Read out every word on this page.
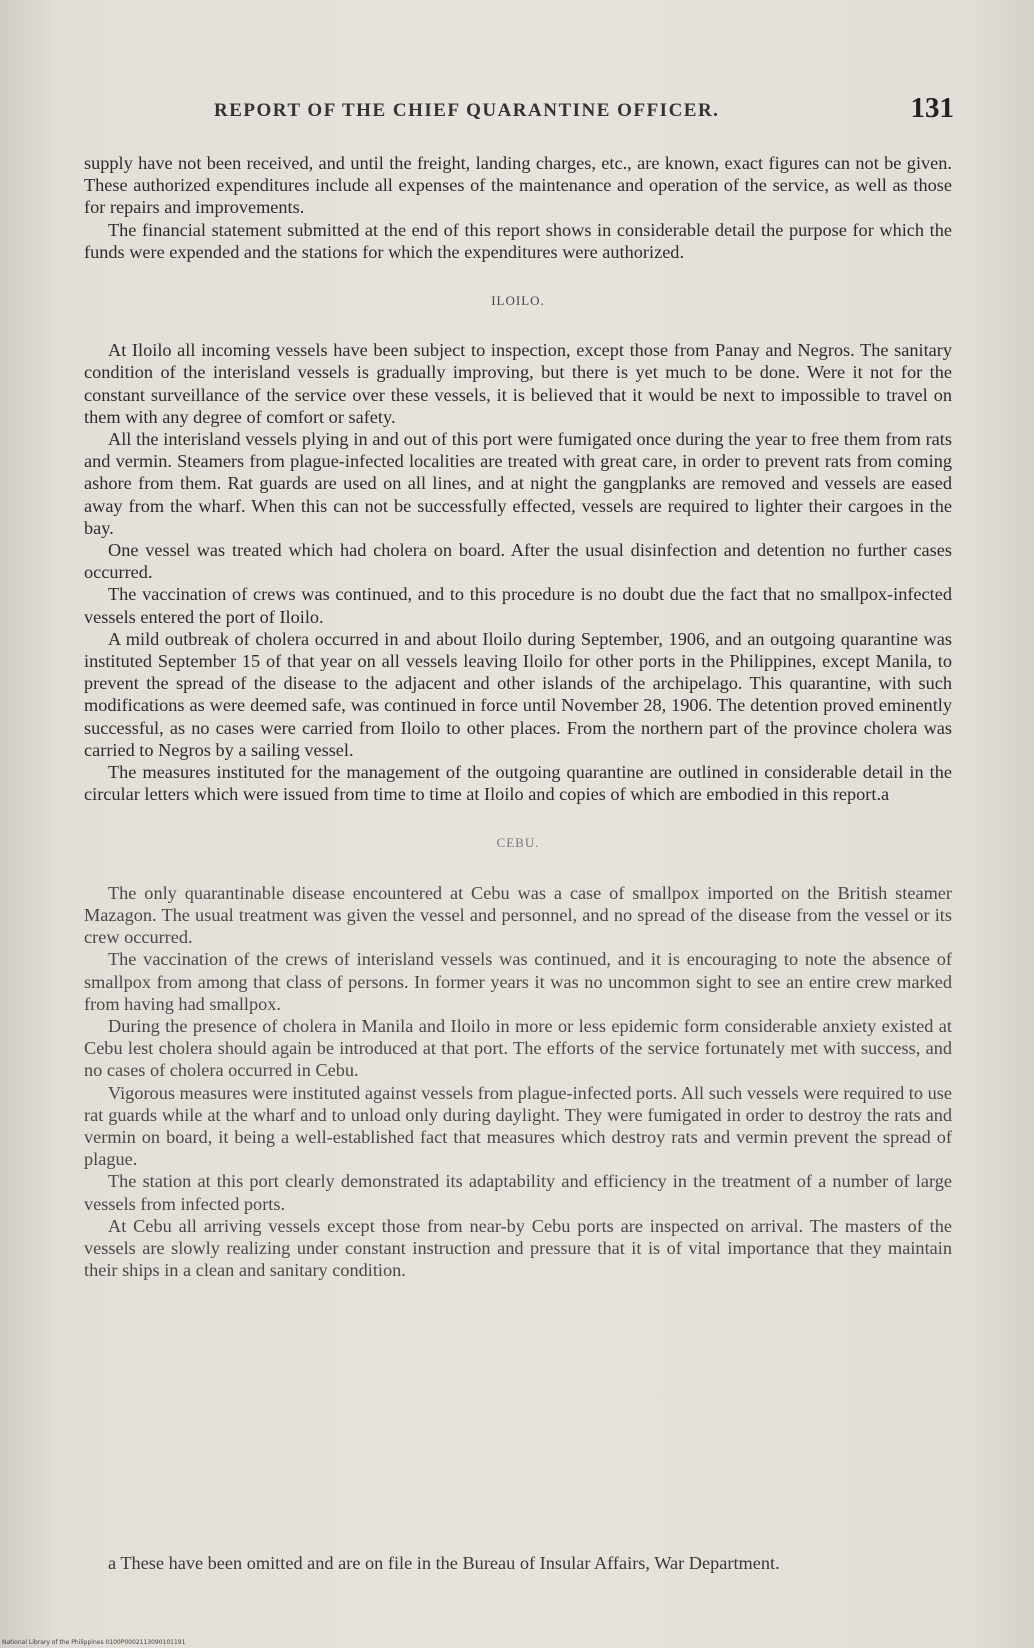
REPORT OF THE CHIEF QUARANTINE OFFICER.	131

supply have not been received, and until the freight, landing charges, etc., are known, exact figures can not be given. These authorized expenditures include all expenses of the maintenance and operation of the service, as well as those for repairs and improvements.

The financial statement submitted at the end of this report shows in considerable detail the purpose for which the funds were expended and the stations for which the expenditures were authorized.

ILOILO.

At Iloilo all incoming vessels have been subject to inspection, except those from Panay and Negros. The sanitary condition of the interisland vessels is gradually improving, but there is yet much to be done. Were it not for the constant surveillance of the service over these vessels, it is believed that it would be next to impossible to travel on them with any degree of comfort or safety.

All the interisland vessels plying in and out of this port were fumigated once during the year to free them from rats and vermin. Steamers from plague-infected localities are treated with great care, in order to prevent rats from coming ashore from them. Rat guards are used on all lines, and at night the gangplanks are removed and vessels are eased away from the wharf. When this can not be successfully effected, vessels are required to lighter their cargoes in the bay.

One vessel was treated which had cholera on board. After the usual disinfection and detention no further cases occurred.

The vaccination of crews was continued, and to this procedure is no doubt due the fact that no smallpox-infected vessels entered the port of Iloilo.

A mild outbreak of cholera occurred in and about Iloilo during September, 1906, and an outgoing quarantine was instituted September 15 of that year on all vessels leaving Iloilo for other ports in the Philippines, except Manila, to prevent the spread of the disease to the adjacent and other islands of the archipelago. This quarantine, with such modifications as were deemed safe, was continued in force until November 28, 1906. The detention proved eminently successful, as no cases were carried from Iloilo to other places. From the northern part of the province cholera was carried to Negros by a sailing vessel.

The measures instituted for the management of the outgoing quarantine are outlined in considerable detail in the circular letters which were issued from time to time at Iloilo and copies of which are embodied in this report.a

CEBU.

The only quarantinable disease encountered at Cebu was a case of smallpox imported on the British steamer Mazagon. The usual treatment was given the vessel and personnel, and no spread of the disease from the vessel or its crew occurred.

The vaccination of the crews of interisland vessels was continued, and it is encouraging to note the absence of smallpox from among that class of persons. In former years it was no uncommon sight to see an entire crew marked from having had smallpox.

During the presence of cholera in Manila and Iloilo in more or less epidemic form considerable anxiety existed at Cebu lest cholera should again be introduced at that port. The efforts of the service fortunately met with success, and no cases of cholera occurred in Cebu.

Vigorous measures were instituted against vessels from plague-infected ports. All such vessels were required to use rat guards while at the wharf and to unload only during daylight. They were fumigated in order to destroy the rats and vermin on board, it being a well-established fact that measures which destroy rats and vermin prevent the spread of plague.

The station at this port clearly demonstrated its adaptability and efficiency in the treatment of a number of large vessels from infected ports.

At Cebu all arriving vessels except those from near-by Cebu ports are inspected on arrival. The masters of the vessels are slowly realizing under constant instruction and pressure that it is of vital importance that they maintain their ships in a clean and sanitary condition.

a These have been omitted and are on file in the Bureau of Insular Affairs, War Department.

National Library of the Philippines 0100P0002113090101191
